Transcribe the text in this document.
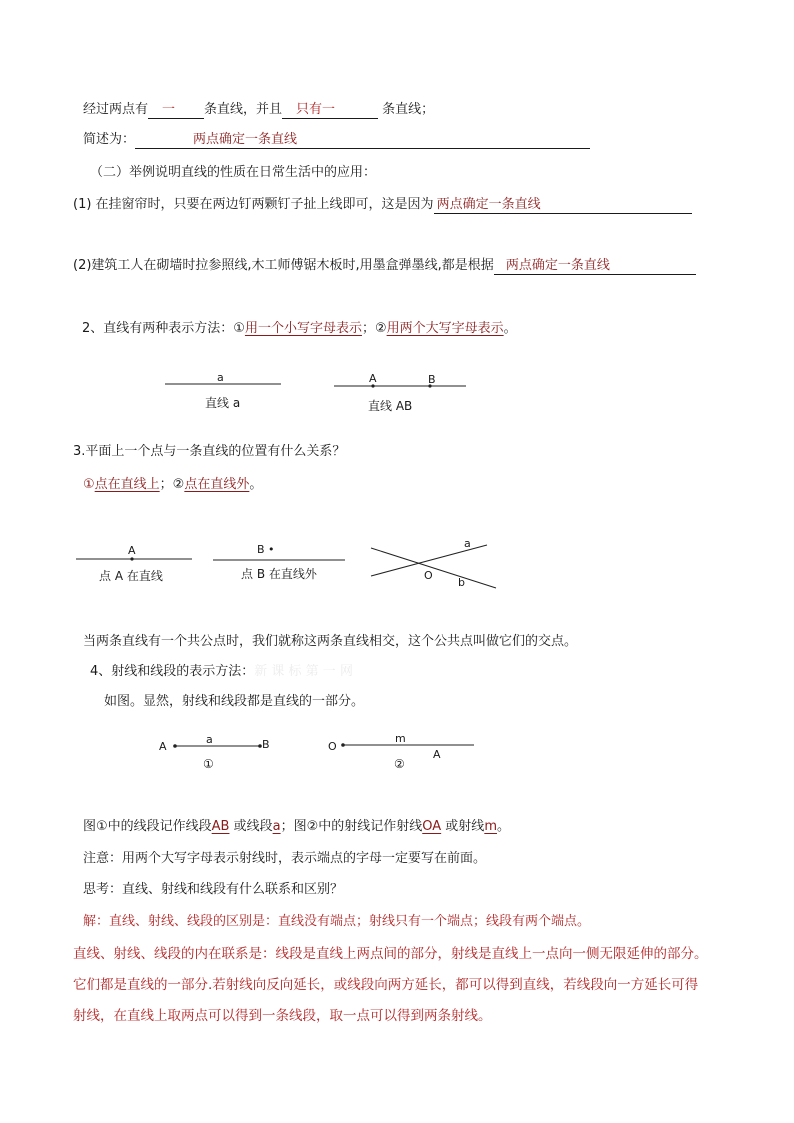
经过两点有 一 条直线，并且 只有一	条直线；
简述为：	两点确定一条直线
（二）举例说明直线的性质在日常生活中的应用：
(1) 在挂窗帘时，只要在两边钉两颗钉子扯上线即可，这是因为 两点确定一条直线
(2)建筑工人在砌墙时拉参照线,木工师傅锯木板时,用墨盒弹墨线,都是根据 两点确定一条直线
2、直线有两种表示方法：①用一个小写字母表示；②用两个大写字母表示。
a
直线 a
A	B
直线 AB
3.平面上一个点与一条直线的位置有什么关系？
①点在直线上；②点在直线外。
A
点 A 在直线
B •
点 B 在直线外
a
O
b
当两条直线有一个共公点时，我们就称这两条直线相交，这个公共点叫做它们的交点。
4、射线和线段的表示方法：新 课 标 第 一 网
如图。显然，射线和线段都是直线的一部分。
A
a	B
①
O
m
A
②
图①中的线段记作线段AB 或线段a；图②中的射线记作射线OA 或射线m。
注意：用两个大写字母表示射线时，表示端点的字母一定要写在前面。
思考：直线、射线和线段有什么联系和区别？
解：直线、射线、线段的区别是：直线没有端点；射线只有一个端点；线段有两个端点。
直线、射线、线段的内在联系是：线段是直线上两点间的部分，射线是直线上一点向一侧无限延伸的部分。
它们都是直线的一部分.若射线向反向延长，或线段向两方延长，都可以得到直线，若线段向一方延长可得
射线，在直线上取两点可以得到一条线段，取一点可以得到两条射线。
